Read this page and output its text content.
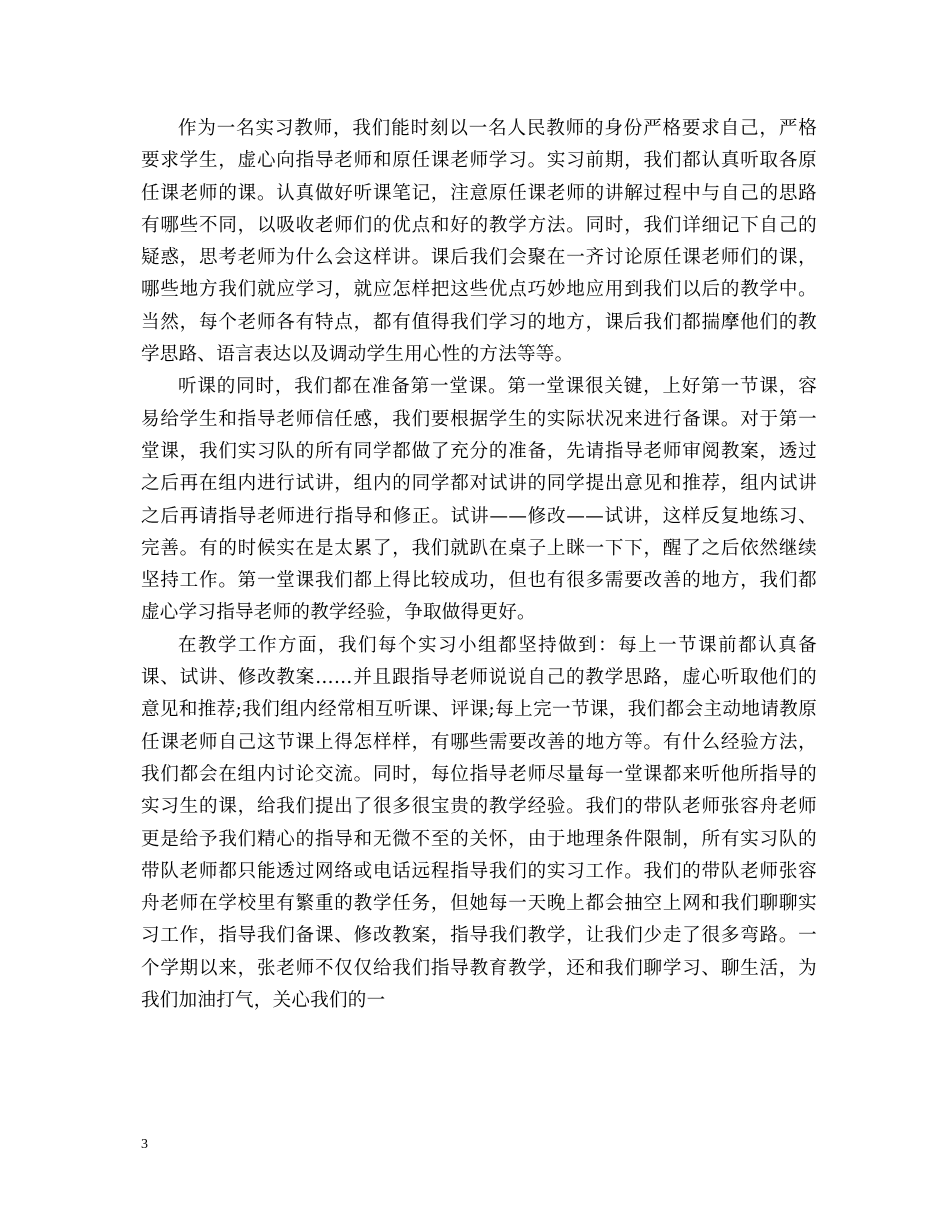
作为一名实习教师，我们能时刻以一名人民教师的身份严格要求自己，严格要求学生，虚心向指导老师和原任课老师学习。实习前期，我们都认真听取各原任课老师的课。认真做好听课笔记，注意原任课老师的讲解过程中与自己的思路有哪些不同，以吸收老师们的优点和好的教学方法。同时，我们详细记下自己的疑惑，思考老师为什么会这样讲。课后我们会聚在一齐讨论原任课老师们的课，哪些地方我们就应学习，就应怎样把这些优点巧妙地应用到我们以后的教学中。当然，每个老师各有特点，都有值得我们学习的地方，课后我们都揣摩他们的教学思路、语言表达以及调动学生用心性的方法等等。

听课的同时，我们都在准备第一堂课。第一堂课很关键，上好第一节课，容易给学生和指导老师信任感，我们要根据学生的实际状况来进行备课。对于第一堂课，我们实习队的所有同学都做了充分的准备，先请指导老师审阅教案，透过之后再在组内进行试讲，组内的同学都对试讲的同学提出意见和推荐，组内试讲之后再请指导老师进行指导和修正。试讲——修改——试讲，这样反复地练习、完善。有的时候实在是太累了，我们就趴在桌子上眯一下下，醒了之后依然继续坚持工作。第一堂课我们都上得比较成功，但也有很多需要改善的地方，我们都虚心学习指导老师的教学经验，争取做得更好。

在教学工作方面，我们每个实习小组都坚持做到：每上一节课前都认真备课、试讲、修改教案……并且跟指导老师说说自己的教学思路，虚心听取他们的意见和推荐;我们组内经常相互听课、评课;每上完一节课，我们都会主动地请教原任课老师自己这节课上得怎样样，有哪些需要改善的地方等。有什么经验方法，我们都会在组内讨论交流。同时，每位指导老师尽量每一堂课都来听他所指导的实习生的课，给我们提出了很多很宝贵的教学经验。我们的带队老师张容舟老师更是给予我们精心的指导和无微不至的关怀，由于地理条件限制，所有实习队的带队老师都只能透过网络或电话远程指导我们的实习工作。我们的带队老师张容舟老师在学校里有繁重的教学任务，但她每一天晚上都会抽空上网和我们聊聊实习工作，指导我们备课、修改教案，指导我们教学，让我们少走了很多弯路。一个学期以来，张老师不仅仅给我们指导教育教学，还和我们聊学习、聊生活，为我们加油打气，关心我们的一

3
